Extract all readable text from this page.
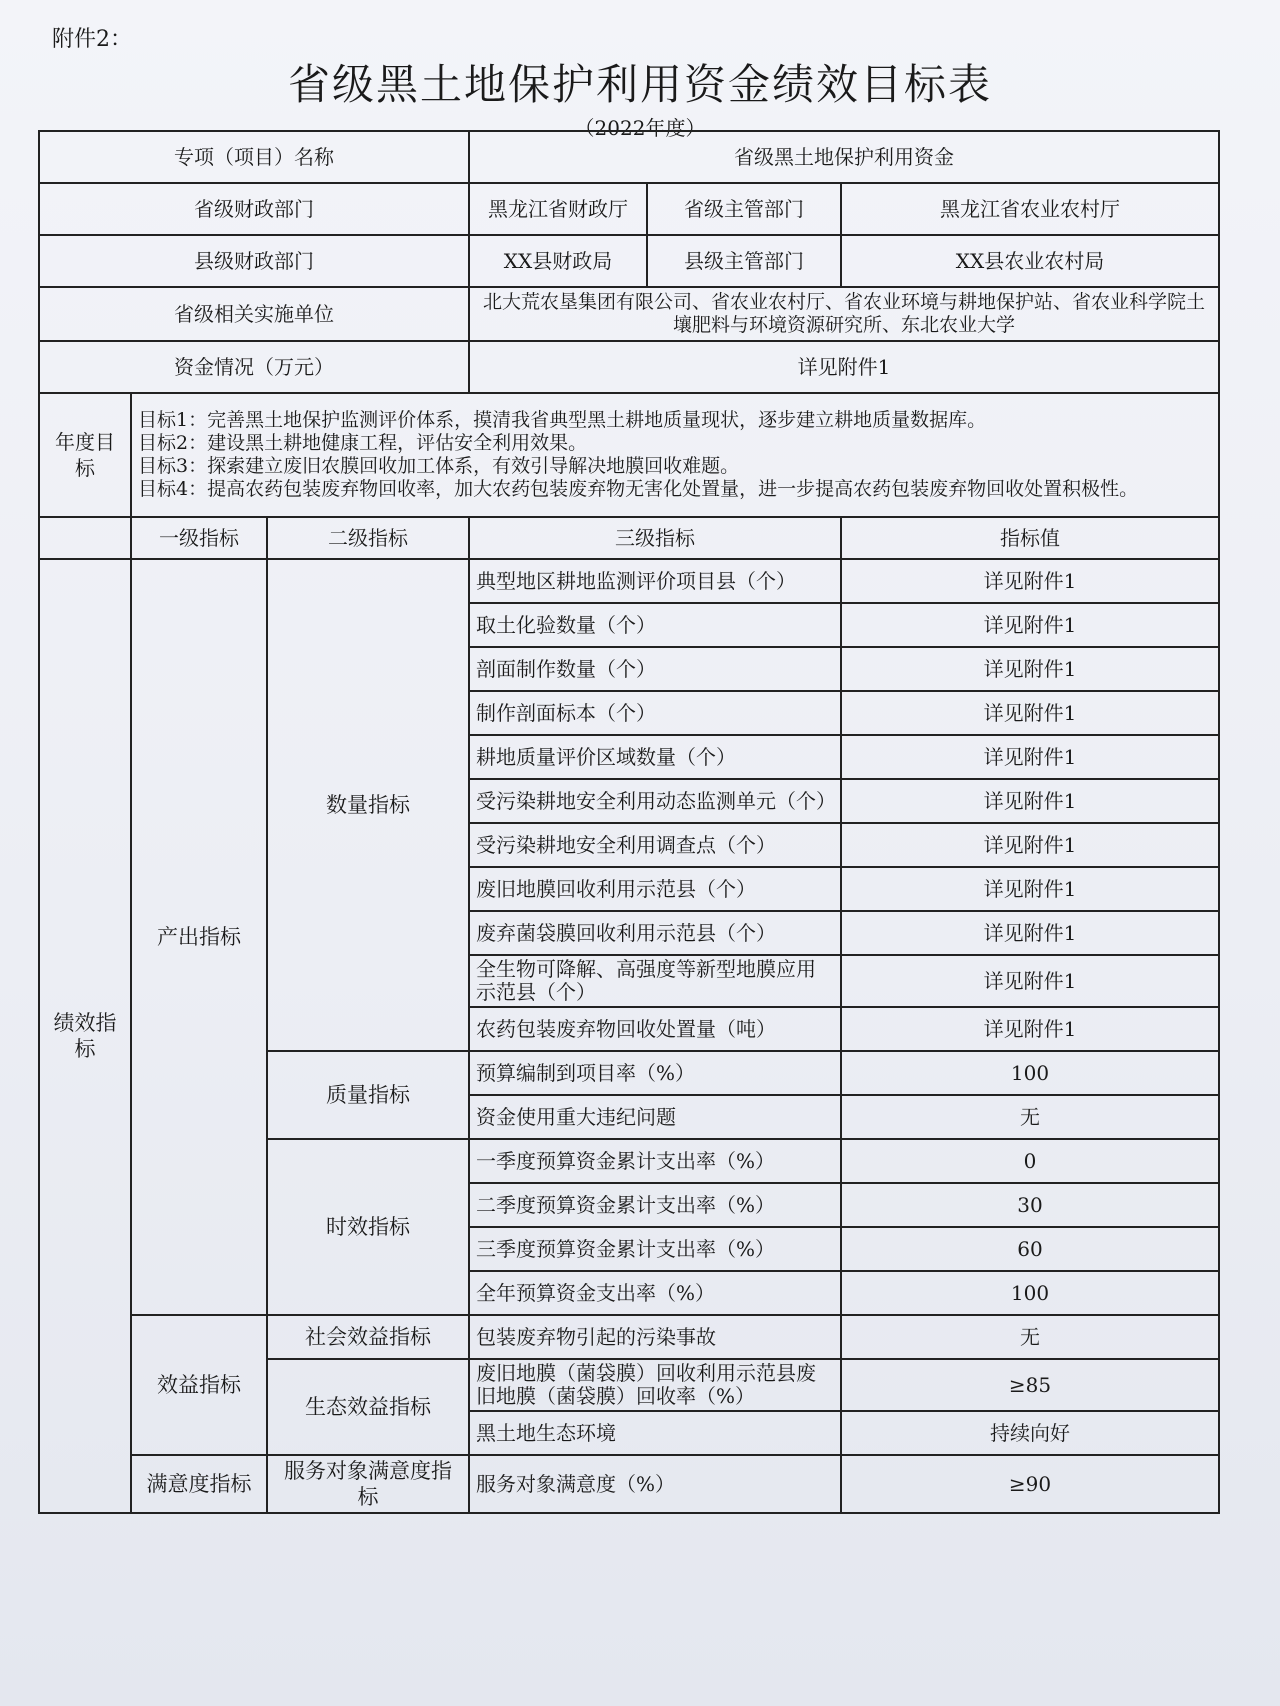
附件2：
省级黑土地保护利用资金绩效目标表
（2022年度）
专项（项目）名称			省级黑土地保护利用资金		
省级财政部门			黑龙江省财政厅	省级主管部门	黑龙江省农业农村厅
县级财政部门			XX县财政局	县级主管部门	XX县农业农村局
省级相关实施单位			北大荒农垦集团有限公司、省农业农村厅、省农业环境与耕地保护站、省农业科学院土壤肥料与环境资源研究所、东北农业大学		
资金情况（万元）			详见附件1		
年度目标	目标1：完善黑土地保护监测评价体系，摸清我省典型黑土耕地质量现状，逐步建立耕地质量数据库。
目标2：建设黑土耕地健康工程，评估安全利用效果。
目标3：探索建立废旧农膜回收加工体系，有效引导解决地膜回收难题。
目标4：提高农药包装废弃物回收率，加大农药包装废弃物无害化处置量，进一步提高农药包装废弃物回收处置积极性。				

	一级指标	二级指标	三级指标		指标值
绩效指标	产出指标	数量指标	典型地区耕地监测评价项目县（个）		详见附件1
			取土化验数量（个）		详见附件1
			剖面制作数量（个）		详见附件1
			制作剖面标本（个）		详见附件1
			耕地质量评价区域数量（个）		详见附件1
			受污染耕地安全利用动态监测单元（个）		详见附件1
			受污染耕地安全利用调查点（个）		详见附件1
			废旧地膜回收利用示范县（个）		详见附件1
			废弃菌袋膜回收利用示范县（个）		详见附件1
			全生物可降解、高强度等新型地膜应用示范县（个）		详见附件1
			农药包装废弃物回收处置量（吨）		详见附件1
		质量指标	预算编制到项目率（%）		100
			资金使用重大违纪问题		无
		时效指标	一季度预算资金累计支出率（%）		0
			二季度预算资金累计支出率（%）		30
			三季度预算资金累计支出率（%）		60
			全年预算资金支出率（%）		100
	效益指标	社会效益指标	包装废弃物引起的污染事故		无
		生态效益指标	废旧地膜（菌袋膜）回收利用示范县废旧地膜（菌袋膜）回收率（%）		≥85
			黑土地生态环境		持续向好
	满意度指标	服务对象满意度指标	服务对象满意度（%）		≥90
